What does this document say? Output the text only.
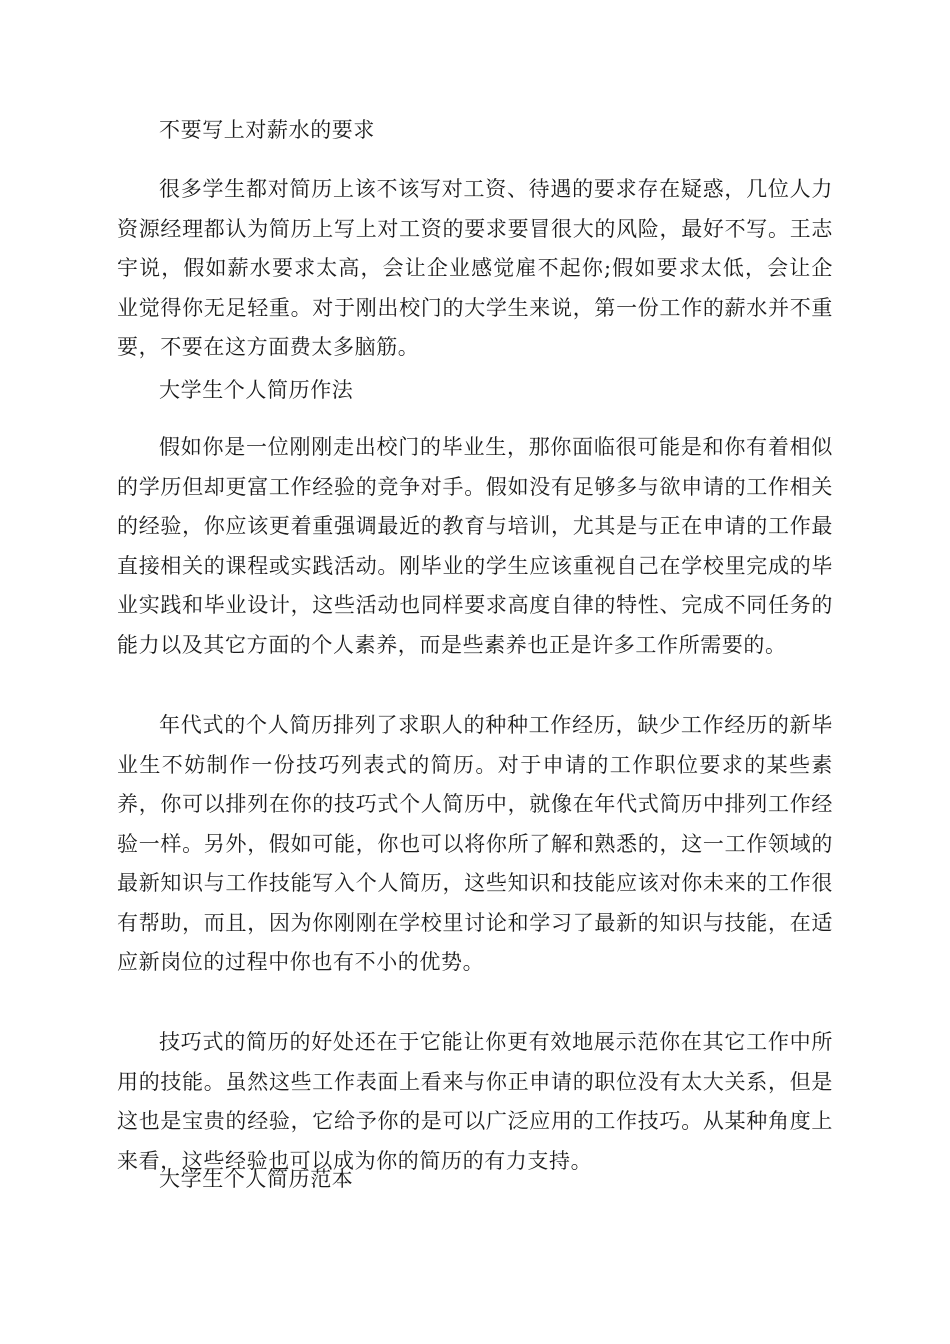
不要写上对薪水的要求

很多学生都对简历上该不该写对工资、待遇的要求存在疑惑，几位人力资源经理都认为简历上写上对工资的要求要冒很大的风险，最好不写。王志宇说，假如薪水要求太高，会让企业感觉雇不起你;假如要求太低，会让企业觉得你无足轻重。对于刚出校门的大学生来说，第一份工作的薪水并不重要，不要在这方面费太多脑筋。

大学生个人简历作法

假如你是一位刚刚走出校门的毕业生，那你面临很可能是和你有着相似的学历但却更富工作经验的竞争对手。假如没有足够多与欲申请的工作相关的经验，你应该更着重强调最近的教育与培训，尤其是与正在申请的工作最直接相关的课程或实践活动。刚毕业的学生应该重视自己在学校里完成的毕业实践和毕业设计，这些活动也同样要求高度自律的特性、完成不同任务的能力以及其它方面的个人素养，而是些素养也正是许多工作所需要的。

年代式的个人简历排列了求职人的种种工作经历，缺少工作经历的新毕业生不妨制作一份技巧列表式的简历。对于申请的工作职位要求的某些素养，你可以排列在你的技巧式个人简历中，就像在年代式简历中排列工作经验一样。另外，假如可能，你也可以将你所了解和熟悉的，这一工作领域的最新知识与工作技能写入个人简历，这些知识和技能应该对你未来的工作很有帮助，而且，因为你刚刚在学校里讨论和学习了最新的知识与技能，在适应新岗位的过程中你也有不小的优势。

技巧式的简历的好处还在于它能让你更有效地展示范你在其它工作中所用的技能。虽然这些工作表面上看来与你正申请的职位没有太大关系，但是这也是宝贵的经验，它给予你的是可以广泛应用的工作技巧。从某种角度上来看，这些经验也可以成为你的简历的有力支持。

大学生个人简历范本
